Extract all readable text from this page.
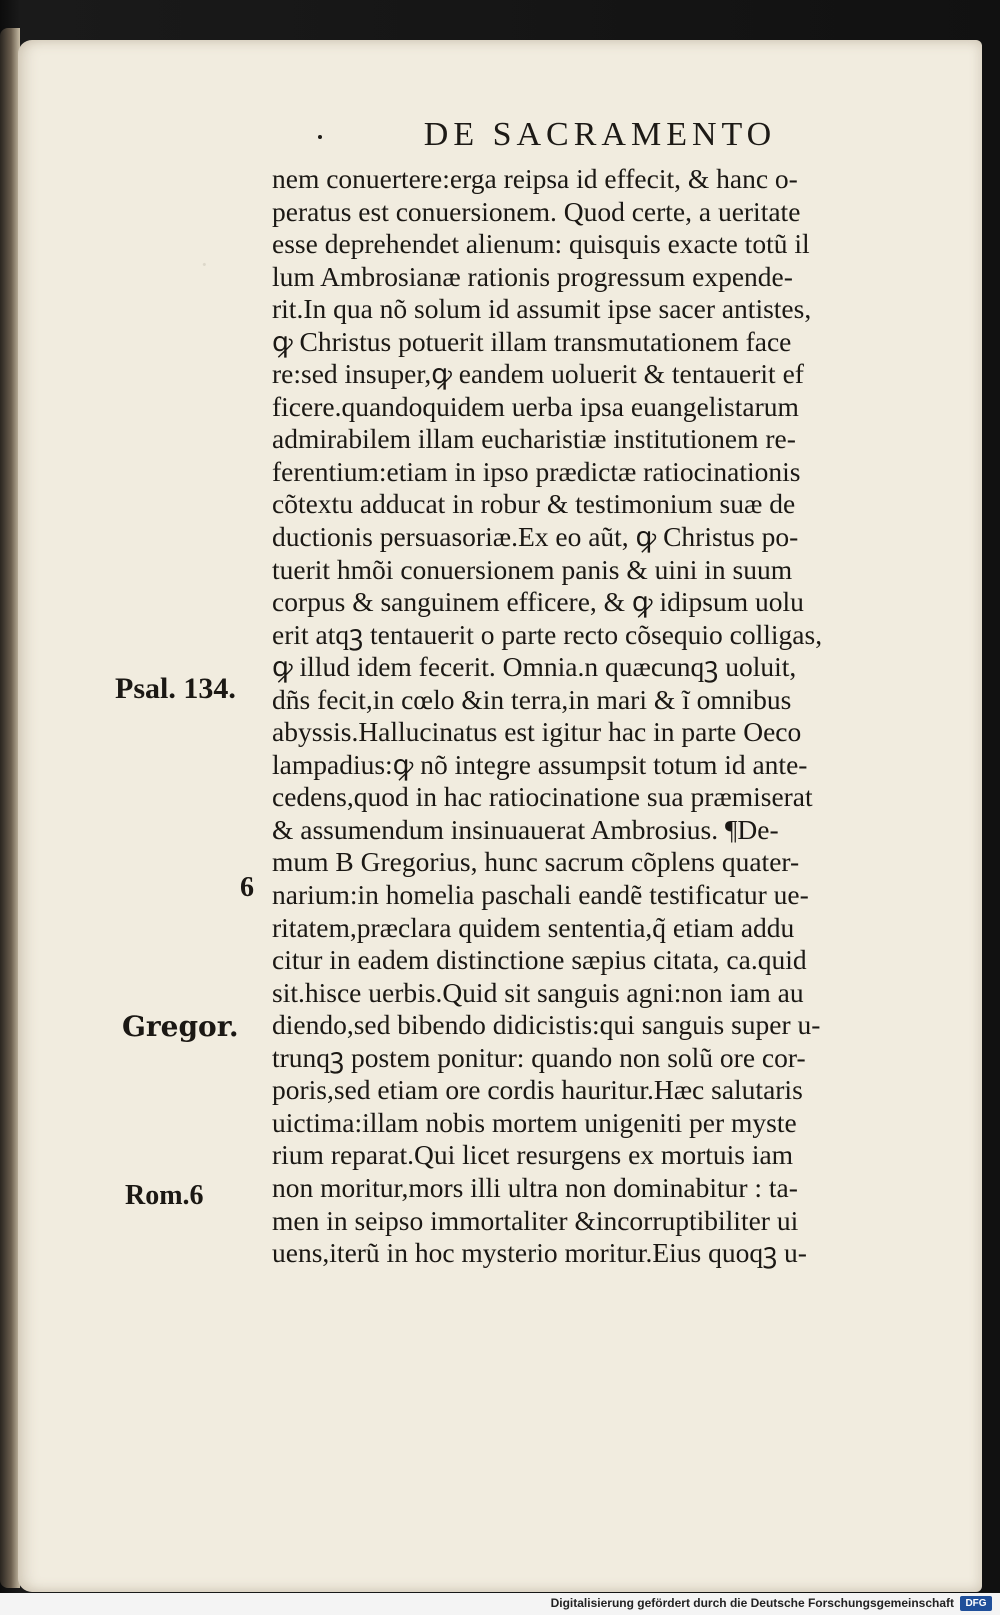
·
DE SACRAMENTO
nem conuertere:erga reipsa id effecit, & hanc o-
peratus est conuersionem. Quod certe, a ueritate
esse deprehendet alienum: quisquis exacte totũ il
lum Ambrosianæ rationis progressum expende-
rit.In qua nõ solum id assumit ipse sacer antistes,
ꝙ Christus potuerit illam transmutationem face
re:sed insuper,ꝙ eandem uoluerit & tentauerit ef
ficere.quandoquidem uerba ipsa euangelistarum
admirabilem illam eucharistiæ institutionem re-
ferentium:etiam in ipso prædictæ ratiocinationis
cõtextu adducat in robur & testimonium suæ de
ductionis persuasoriæ.Ex eo aũt, ꝙ Christus po-
tuerit hmõi conuersionem panis & uini in suum
corpus & sanguinem efficere, & ꝙ idipsum uolu
erit atqꝫ tentauerit o parte recto cõsequio colligas,
ꝙ illud idem fecerit. Omnia.n quæcunqꝫ uoluit,
dñs fecit,in cœlo &in terra,in mari & ĩ omnibus
abyssis.Hallucinatus est igitur hac in parte Oeco
lampadius:ꝙ nõ integre assumpsit totum id ante-
cedens,quod in hac ratiocinatione sua præmiserat
& assumendum insinuauerat Ambrosius. ¶De-
mum B Gregorius, hunc sacrum cõplens quater-
narium:in homelia paschali eandẽ testificatur ue-
ritatem,præclara quidem sententia,q̃ etiam addu
citur in eadem distinctione sæpius citata, ca.quid
sit.hisce uerbis.Quid sit sanguis agni:non iam au
diendo,sed bibendo didicistis:qui sanguis super u-
trunqꝫ postem ponitur: quando non solũ ore cor-
poris,sed etiam ore cordis hauritur.Hæc salutaris
uictima:illam nobis mortem unigeniti per myste
rium reparat.Qui licet resurgens ex mortuis iam
non moritur,mors illi ultra non dominabitur : ta-
men in seipso immortaliter &incorruptibiliter ui
uens,iterũ in hoc mysterio moritur.Eius quoqꝫ u-
Psal. 134.
6
Gregor.
Rom.6
Digitalisierung gefördert durch die Deutsche Forschungsgemeinschaft	DFG
